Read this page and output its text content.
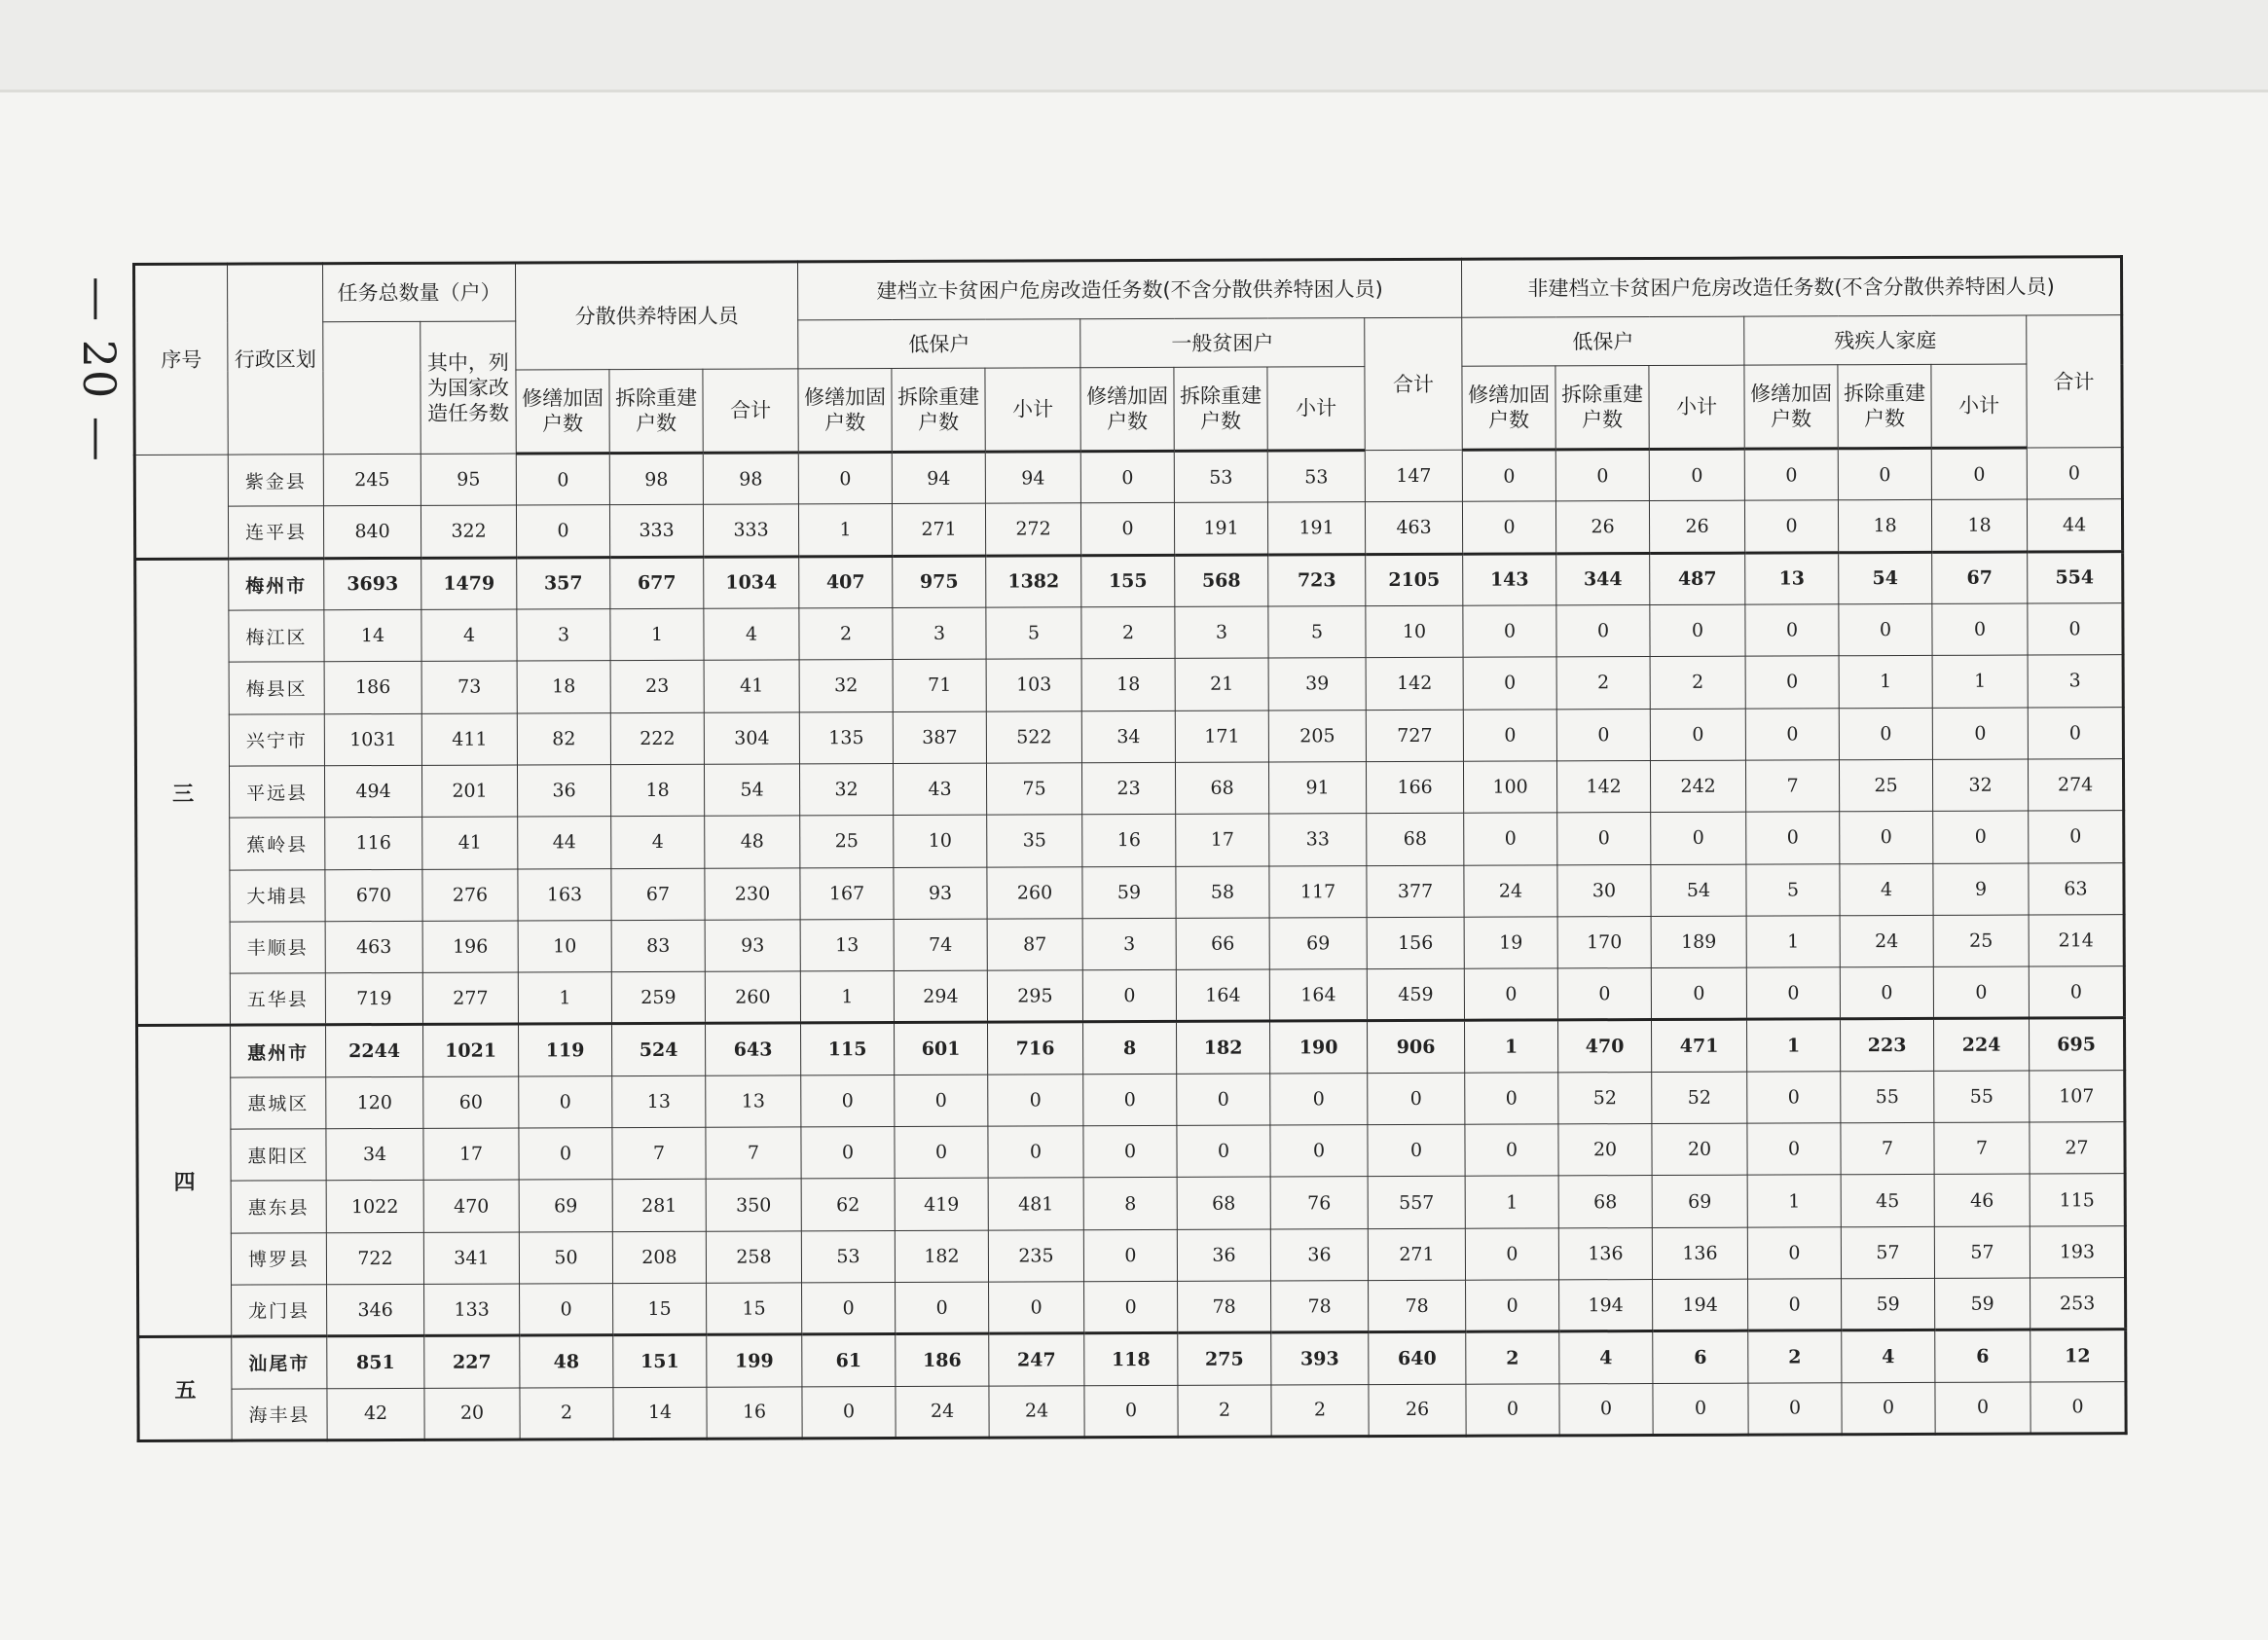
— 20 —	序号	行政区划	任务总数量（户）		分散供养特困人员			建档立卡贫困户危房改造任务数(不含分散供养特困人员)							非建档立卡贫困户危房改造任务数(不含分散供养特困人员)						
			其中，列为国家改造任务数				低保户			一般贫困户			合计	低保户			残疾人家庭			合计
				修缮加固户数	拆除重建户数	合计	修缮加固户数	拆除重建户数	小计	修缮加固户数	拆除重建户数	小计		修缮加固户数	拆除重建户数	小计	修缮加固户数	拆除重建户数	小计	
	紫金县	245	95	0	98	98	0	94	94	0	53	53	147	0	0	0	0	0	0	0
	连平县	840	322	0	333	333	1	271	272	0	191	191	463	0	26	26	0	18	18	44
三	梅州市	3693	1479	357	677	1034	407	975	1382	155	568	723	2105	143	344	487	13	54	67	554
	梅江区	14	4	3	1	4	2	3	5	2	3	5	10	0	0	0	0	0	0	0
	梅县区	186	73	18	23	41	32	71	103	18	21	39	142	0	2	2	0	1	1	3
	兴宁市	1031	411	82	222	304	135	387	522	34	171	205	727	0	0	0	0	0	0	0
	平远县	494	201	36	18	54	32	43	75	23	68	91	166	100	142	242	7	25	32	274
	蕉岭县	116	41	44	4	48	25	10	35	16	17	33	68	0	0	0	0	0	0	0
	大埔县	670	276	163	67	230	167	93	260	59	58	117	377	24	30	54	5	4	9	63
	丰顺县	463	196	10	83	93	13	74	87	3	66	69	156	19	170	189	1	24	25	214
	五华县	719	277	1	259	260	1	294	295	0	164	164	459	0	0	0	0	0	0	0
四	惠州市	2244	1021	119	524	643	115	601	716	8	182	190	906	1	470	471	1	223	224	695
	惠城区	120	60	0	13	13	0	0	0	0	0	0	0	0	52	52	0	55	55	107
	惠阳区	34	17	0	7	7	0	0	0	0	0	0	0	0	20	20	0	7	7	27
	惠东县	1022	470	69	281	350	62	419	481	8	68	76	557	1	68	69	1	45	46	115
	博罗县	722	341	50	208	258	53	182	235	0	36	36	271	0	136	136	0	57	57	193
	龙门县	346	133	0	15	15	0	0	0	0	78	78	78	0	194	194	0	59	59	253
五	汕尾市	851	227	48	151	199	61	186	247	118	275	393	640	2	4	6	2	4	6	12
	海丰县	42	20	2	14	16	0	24	24	0	2	2	26	0	0	0	0	0	0	0
